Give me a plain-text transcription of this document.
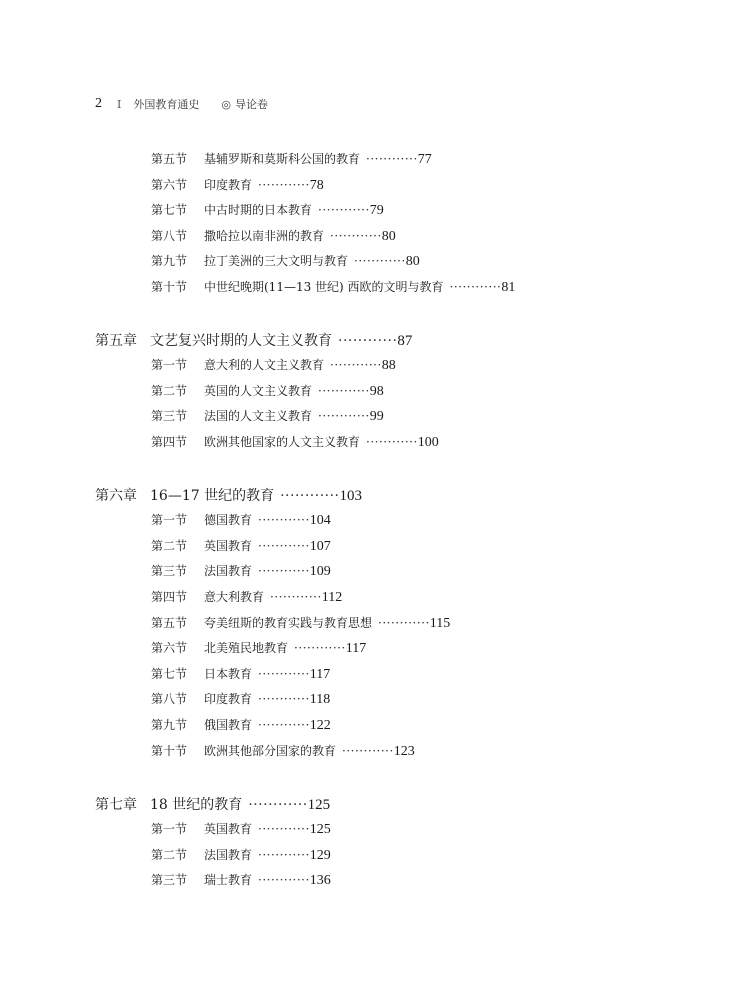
2	I 外国教育通史 ◎ 导论卷
第五节	基辅罗斯和莫斯科公国的教育 ············ 77
第六节	印度教育 ············ 78
第七节	中古时期的日本教育 ············ 79
第八节	撒哈拉以南非洲的教育 ············ 80
第九节	拉丁美洲的三大文明与教育 ············ 80
第十节	中世纪晚期(11—13 世纪) 西欧的文明与教育 ············ 81
第五章 文艺复兴时期的人文主义教育 ············ 87
第一节	意大利的人文主义教育 ············ 88
第二节	英国的人文主义教育 ············ 98
第三节	法国的人文主义教育 ············ 99
第四节	欧洲其他国家的人文主义教育 ············ 100
第六章 16—17 世纪的教育 ············ 103
第一节	德国教育 ············ 104
第二节	英国教育 ············ 107
第三节	法国教育 ············ 109
第四节	意大利教育 ············ 112
第五节	夸美纽斯的教育实践与教育思想 ············ 115
第六节	北美殖民地教育 ············ 117
第七节	日本教育 ············ 117
第八节	印度教育 ············ 118
第九节	俄国教育 ············ 122
第十节	欧洲其他部分国家的教育 ············ 123
第七章 18 世纪的教育 ············ 125
第一节	英国教育 ············ 125
第二节	法国教育 ············ 129
第三节	瑞士教育 ············ 136
